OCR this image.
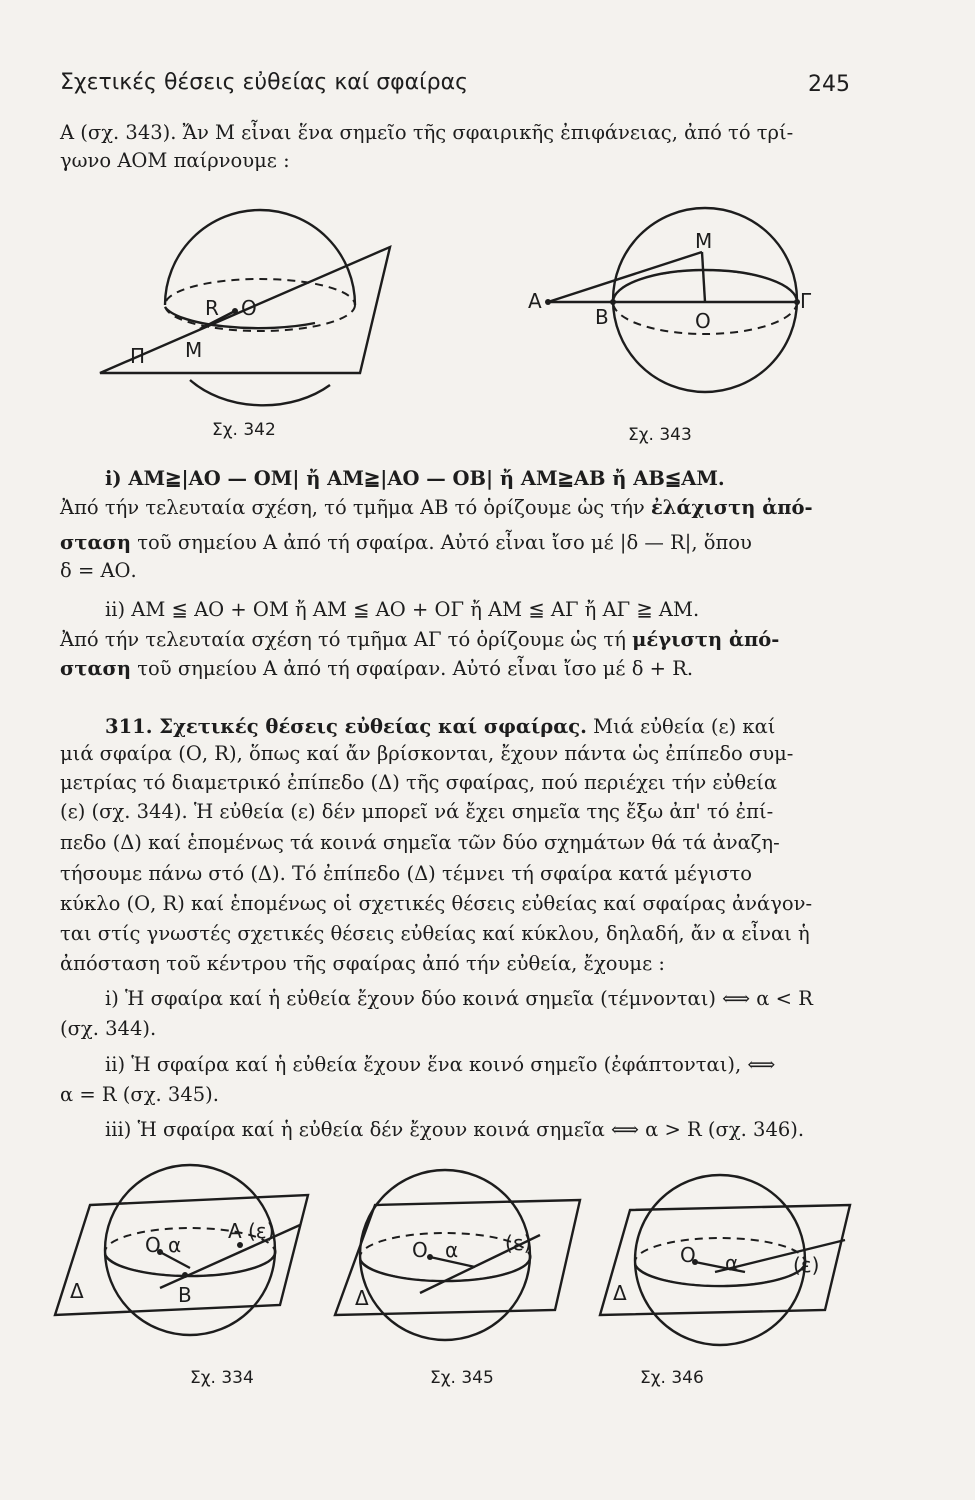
Σχετικές θέσεις εὐθείας καί σφαίρας	245
Α (σχ. 343). Ἄν Μ εἶναι ἕνα σημεῖο τῆς σφαιρικῆς ἐπιφάνειας, ἀπό τό τρί-
γωνο ΑΟΜ παίρνουμε :
R O
M
Π
Σχ. 342
M
A
B	O
Γ
Σχ. 343
i) AM≧|AO — OM| ἤ AM≧|AO — OB| ἤ AM≧AB ἤ AB≦AM.
Ἀπό τήν τελευταία σχέση, τό τμῆμα ΑΒ τό ὁρίζουμε ὡς τήν ἐλάχιστη ἀπό-
σταση τοῦ σημείου Α ἀπό τή σφαίρα. Αὐτό εἶναι ἴσο μέ |δ — R|, ὅπου
δ = ΑΟ.
ii) AM ≦ AO + OM ἤ AM ≦ AO + OΓ ἤ AM ≦ AΓ ἤ AΓ ≧ AM.
Ἀπό τήν τελευταία σχέση τό τμῆμα ΑΓ τό ὁρίζουμε ὡς τή μέγιστη ἀπό-
σταση τοῦ σημείου Α ἀπό τή σφαίραν. Αὐτό εἶναι ἴσο μέ δ + R.
311. Σχετικές θέσεις εὐθείας καί σφαίρας. Μιά εὐθεία (ε) καί
μιά σφαίρα (Ο, R), ὅπως καί ἄν βρίσκονται, ἔχουν πάντα ὡς ἐπίπεδο συμ-
μετρίας τό διαμετρικό ἐπίπεδο (Δ) τῆς σφαίρας, πού περιέχει τήν εὐθεία
(ε) (σχ. 344). Ἡ εὐθεία (ε) δέν μπορεῖ νά ἔχει σημεῖα της ἔξω ἀπ' τό ἐπί-
πεδο (Δ) καί ἑπομένως τά κοινά σημεῖα τῶν δύο σχημάτων θά τά ἀναζη-
τήσουμε πάνω στό (Δ). Τό ἐπίπεδο (Δ) τέμνει τή σφαίρα κατά μέγιστο
κύκλο (Ο, R) καί ἑπομένως οἱ σχετικές θέσεις εὐθείας καί σφαίρας ἀνάγον-
ται στίς γνωστές σχετικές θέσεις εὐθείας καί κύκλου, δηλαδή, ἄν α εἶναι ἡ
ἀπόσταση τοῦ κέντρου τῆς σφαίρας ἀπό τήν εὐθεία, ἔχουμε :
i) Ἡ σφαίρα καί ἡ εὐθεία ἔχουν δύο κοινά σημεῖα (τέμνονται) ⟺ α < R
(σχ. 344).
ii) Ἡ σφαίρα καί ἡ εὐθεία ἔχουν ἕνα κοινό σημεῖο (ἐφάπτονται), ⟺
α = R (σχ. 345).
iii) Ἡ σφαίρα καί ἡ εὐθεία δέν ἔχουν κοινά σημεῖα ⟺ α > R (σχ. 346).
O α
A (ε)
Δ	B
Σχ. 334
O α (ε)
Δ
Σχ. 345
O α	(ε)
Δ
Σχ. 346
